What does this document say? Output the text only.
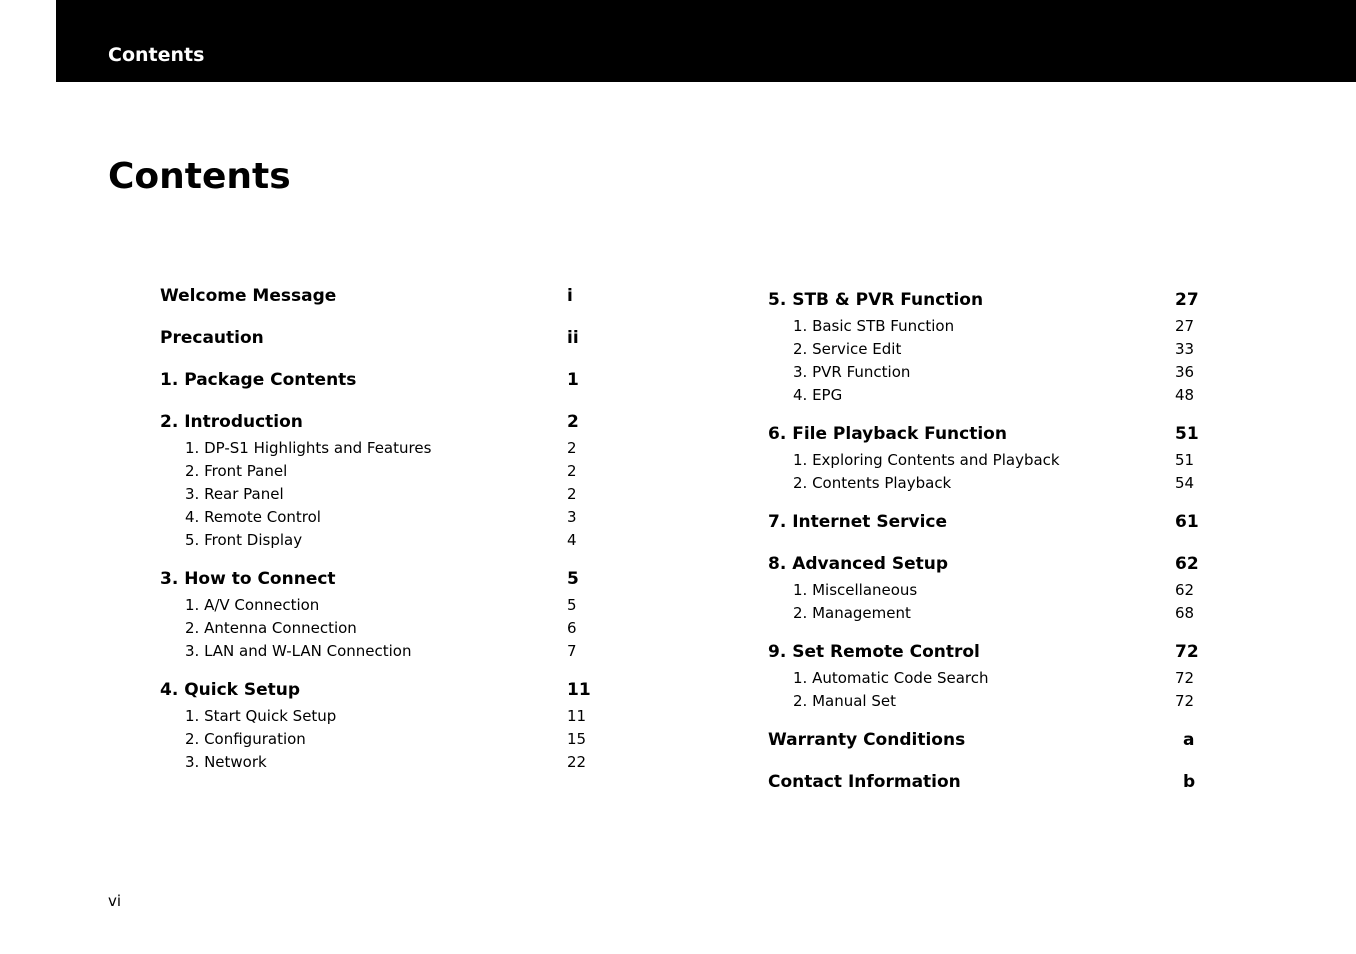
Contents
Contents
Welcome Message	i
Precaution	ii
1. Package Contents	1
2. Introduction	2
1. DP-S1 Highlights and Features	2
2. Front Panel	2
3. Rear Panel	2
4. Remote Control	3
5. Front Display	4
3. How to Connect	5
1. A/V Connection	5
2. Antenna Connection	6
3. LAN and W-LAN Connection	7
4. Quick Setup	11
1. Start Quick Setup	11
2. Configuration	15
3. Network	22
5. STB & PVR Function	27
1. Basic STB Function	27
2. Service Edit	33
3. PVR Function	36
4. EPG	48
6. File Playback Function	51
1. Exploring Contents and Playback	51
2. Contents Playback	54
7. Internet Service	61
8. Advanced Setup	62
1. Miscellaneous	62
2. Management	68
9. Set Remote Control	72
1. Automatic Code Search	72
2. Manual Set	72
Warranty Conditions	a
Contact Information	b
vi
